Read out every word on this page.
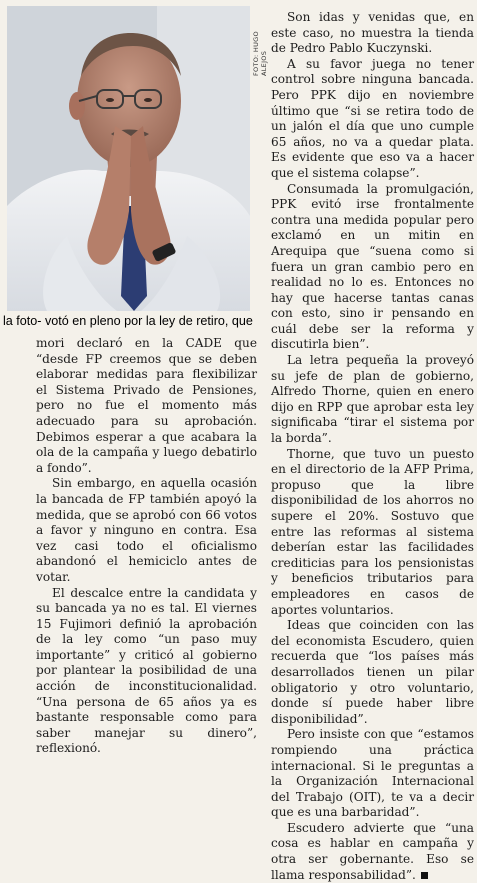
FOTO: HUGO ALEJOS
la foto- votó en pleno por la ley de retiro, que

mori declaró en la CADE que “desde FP creemos que se deben elaborar medidas para flexibilizar el Sistema Privado de Pensiones, pero no fue el momento más adecuado para su aprobación. Debimos esperar a que acabara la ola de la campaña y luego debatirlo a fondo”.

Sin embargo, en aquella ocasión la bancada de FP también apoyó la medida, que se aprobó con 66 votos a favor y ninguno en contra. Esa vez casi todo el oficialismo abandonó el hemiciclo antes de votar.

El descalce entre la candidata y su bancada ya no es tal. El viernes 15 Fujimori definió la aprobación de la ley como “un paso muy importante” y criticó al gobierno por plantear la posibilidad de una acción de inconstitucionalidad. “Una persona de 65 años ya es bastante responsable como para saber manejar su dinero”, reflexionó.

Son idas y venidas que, en este caso, no muestra la tienda de Pedro Pablo Kuczynski.

A su favor juega no tener control sobre ninguna bancada. Pero PPK dijo en noviembre último que “si se retira todo de un jalón el día que uno cumple 65 años, no va a quedar plata. Es evidente que eso va a hacer que el sistema colapse”.

Consumada la promulgación, PPK evitó irse frontalmente contra una medida popular pero exclamó en un mitin en Arequipa que “suena como si fuera un gran cambio pero en realidad no lo es. Entonces no hay que hacerse tantas canas con esto, sino ir pensando en cuál debe ser la reforma y discutirla bien”.

La letra pequeña la proveyó su jefe de plan de gobierno, Alfredo Thorne, quien en enero dijo en RPP que aprobar esta ley significaba “tirar el sistema por la borda”.

Thorne, que tuvo un puesto en el directorio de la AFP Prima, propuso que la libre disponibilidad de los ahorros no supere el 20%. Sostuvo que entre las reformas al sistema deberían estar las facilidades crediticias para los pensionistas y beneficios tributarios para empleadores en casos de aportes voluntarios.

Ideas que coinciden con las del economista Escudero, quien recuerda que “los países más desarrollados tienen un pilar obligatorio y otro voluntario, donde sí puede haber libre disponibilidad”.

Pero insiste con que “estamos rompiendo una práctica internacional. Si le preguntas a la Organización Internacional del Trabajo (OIT), te va a decir que es una barbaridad”.

Escudero advierte que “una cosa es hablar en campaña y otra ser gobernante. Eso se llama responsabilidad”.
